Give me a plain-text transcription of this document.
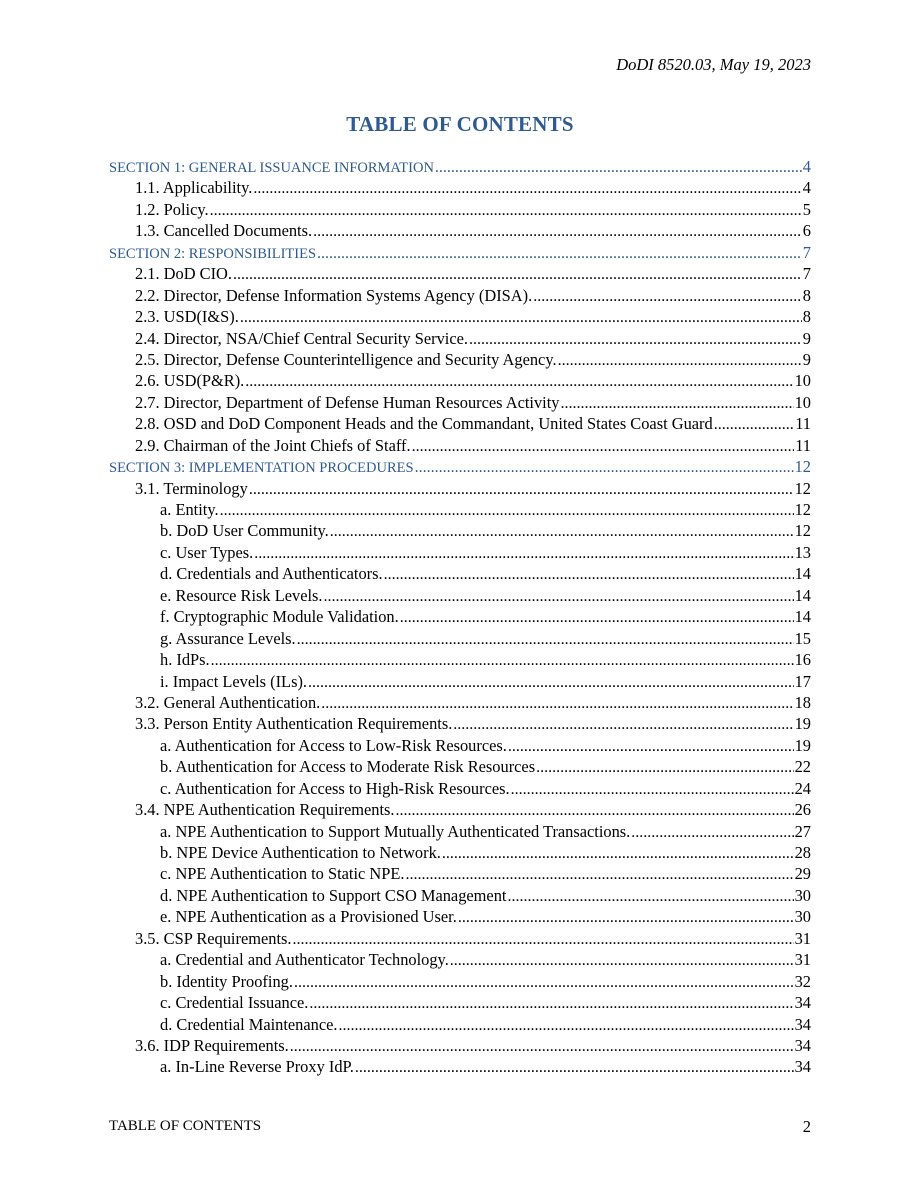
DoDI 8520.03, May 19, 2023
TABLE OF CONTENTS
SECTION 1: GENERAL ISSUANCE INFORMATION .....	4
1.1. Applicability. .....	4
1.2. Policy. .....	5
1.3. Cancelled Documents. .....	6
SECTION 2: RESPONSIBILITIES .....	7
2.1. DoD CIO. .....	7
2.2. Director, Defense Information Systems Agency (DISA). .....	8
2.3. USD(I&S). .....	8
2.4. Director, NSA/Chief Central Security Service. .....	9
2.5. Director, Defense Counterintelligence and Security Agency. .....	9
2.6. USD(P&R). .....	10
2.7. Director, Department of Defense Human Resources Activity .....	10
2.8. OSD and DoD Component Heads and the Commandant, United States Coast Guard .....	11
2.9. Chairman of the Joint Chiefs of Staff. .....	11
SECTION 3: IMPLEMENTATION PROCEDURES .....	12
3.1. Terminology .....	12
a. Entity. .....	12
b. DoD User Community. .....	12
c. User Types. .....	13
d. Credentials and Authenticators. .....	14
e. Resource Risk Levels. .....	14
f. Cryptographic Module Validation. .....	14
g. Assurance Levels. .....	15
h. IdPs. .....	16
i. Impact Levels (ILs). .....	17
3.2. General Authentication. .....	18
3.3. Person Entity Authentication Requirements. .....	19
a. Authentication for Access to Low-Risk Resources. .....	19
b. Authentication for Access to Moderate Risk Resources .....	22
c. Authentication for Access to High-Risk Resources. .....	24
3.4. NPE Authentication Requirements. .....	26
a. NPE Authentication to Support Mutually Authenticated Transactions. .....	27
b. NPE Device Authentication to Network. .....	28
c. NPE Authentication to Static NPE. .....	29
d. NPE Authentication to Support CSO Management .....	30
e. NPE Authentication as a Provisioned User. .....	30
3.5. CSP Requirements. .....	31
a. Credential and Authenticator Technology. .....	31
b. Identity Proofing. .....	32
c. Credential Issuance. .....	34
d. Credential Maintenance. .....	34
3.6. IDP Requirements. .....	34
a. In-Line Reverse Proxy IdP. .....	34
TABLE OF CONTENTS	2
